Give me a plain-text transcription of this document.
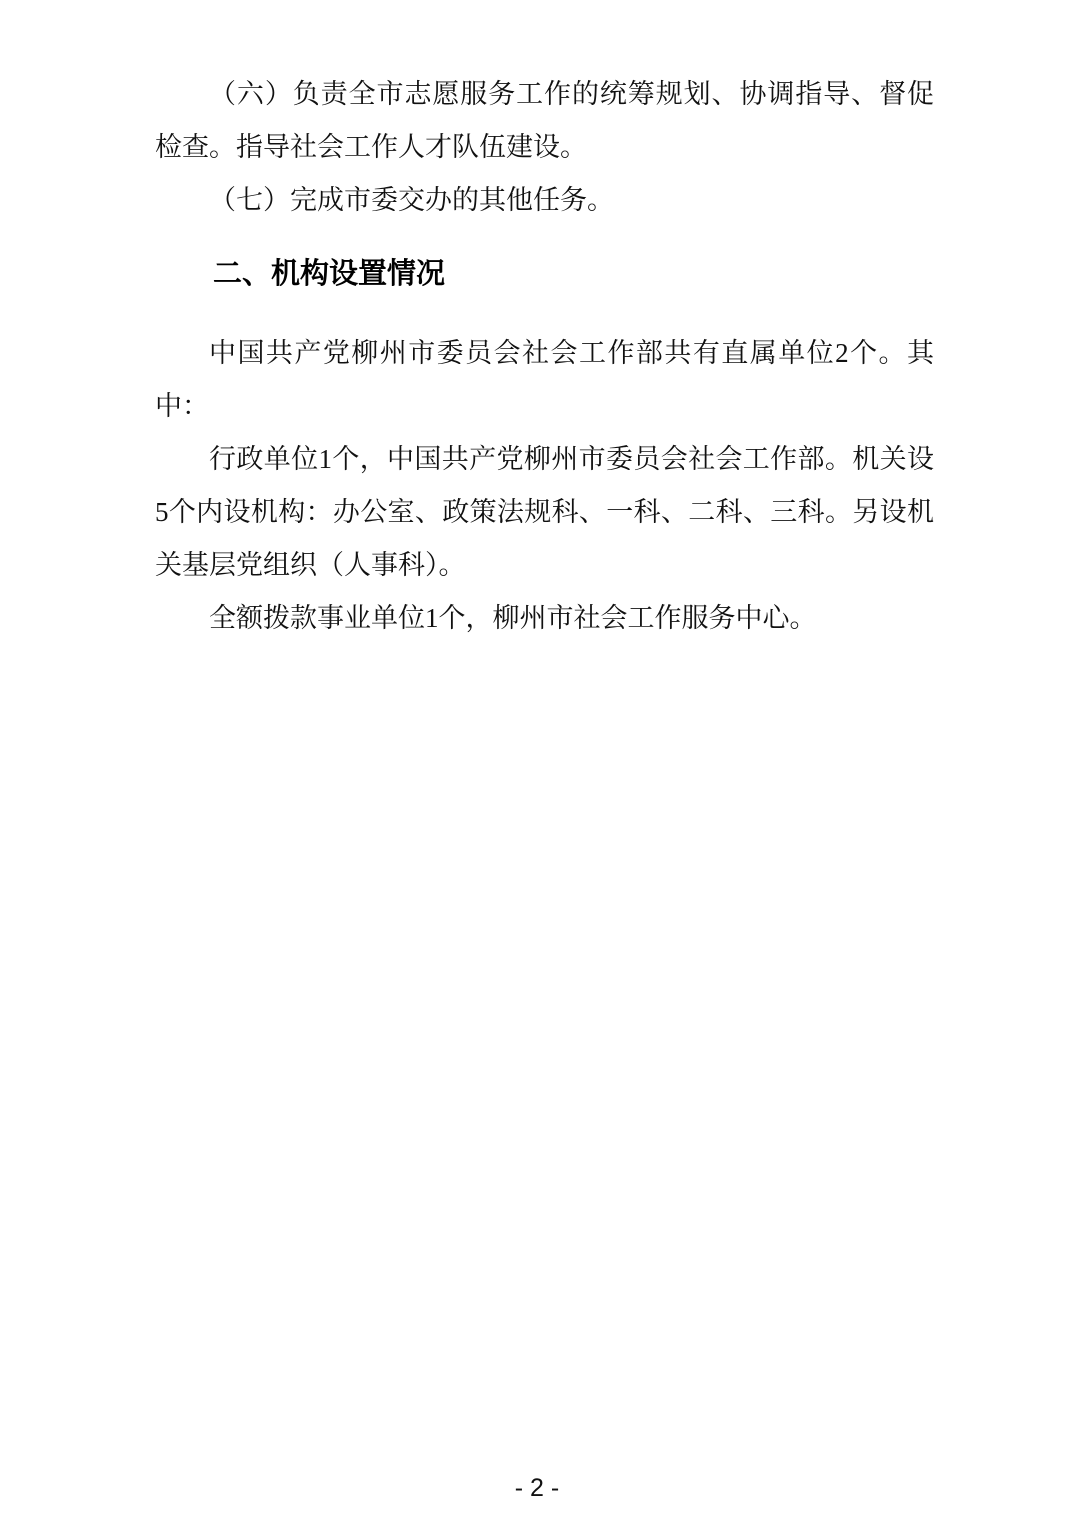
（六）负责全市志愿服务工作的统筹规划、协调指导、督促
检查。指导社会工作人才队伍建设。

（七）完成市委交办的其他任务。

二、机构设置情况

中国共产党柳州市委员会社会工作部共有直属单位2个。其
中：

行政单位1个，中国共产党柳州市委员会社会工作部。机关设
5个内设机构：办公室、政策法规科、一科、二科、三科。另设机
关基层党组织（人事科）。

全额拨款事业单位1个，柳州市社会工作服务中心。

- 2 -
